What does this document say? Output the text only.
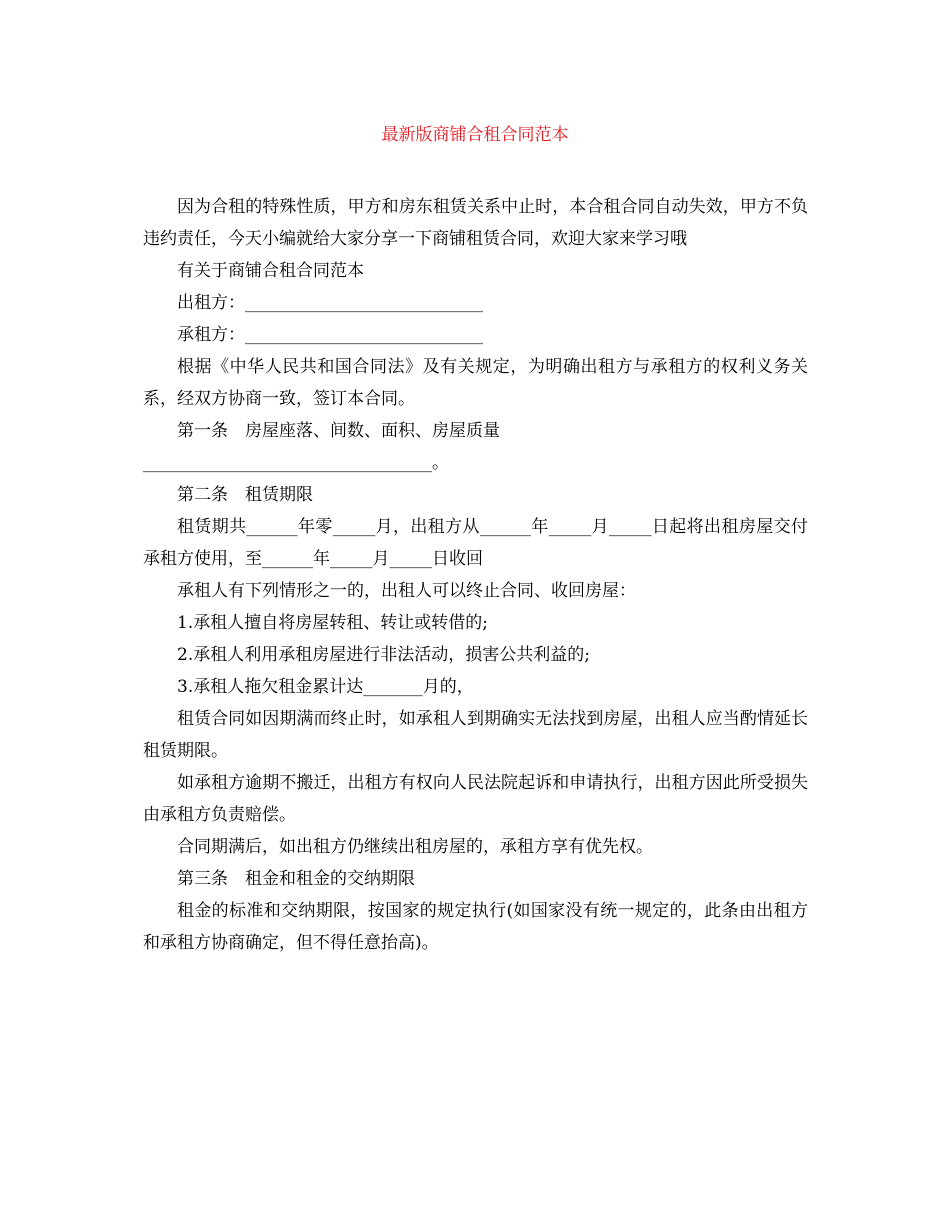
最新版商铺合租合同范本

因为合租的特殊性质，甲方和房东租赁关系中止时，本合租合同自动失效，甲方不负违约责任，今天小编就给大家分享一下商铺租赁合同，欢迎大家来学习哦

有关于商铺合租合同范本

出租方：____________________________

承租方：____________________________

根据《中华人民共和国合同法》及有关规定，为明确出租方与承租方的权利义务关系，经双方协商一致，签订本合同。

第一条　房屋座落、间数、面积、房屋质量

__________________________________。

第二条　租赁期限

租赁期共______年零_____月，出租方从______年_____月_____日起将出租房屋交付承租方使用，至______年_____月_____日收回

承租人有下列情形之一的，出租人可以终止合同、收回房屋：

1.承租人擅自将房屋转租、转让或转借的;

2.承租人利用承租房屋进行非法活动，损害公共利益的;

3.承租人拖欠租金累计达_______月的，

租赁合同如因期满而终止时，如承租人到期确实无法找到房屋，出租人应当酌情延长租赁期限。

如承租方逾期不搬迁，出租方有权向人民法院起诉和申请执行，出租方因此所受损失由承租方负责赔偿。

合同期满后，如出租方仍继续出租房屋的，承租方享有优先权。

第三条　租金和租金的交纳期限

租金的标准和交纳期限，按国家的规定执行(如国家没有统一规定的，此条由出租方和承租方协商确定，但不得任意抬高)。
